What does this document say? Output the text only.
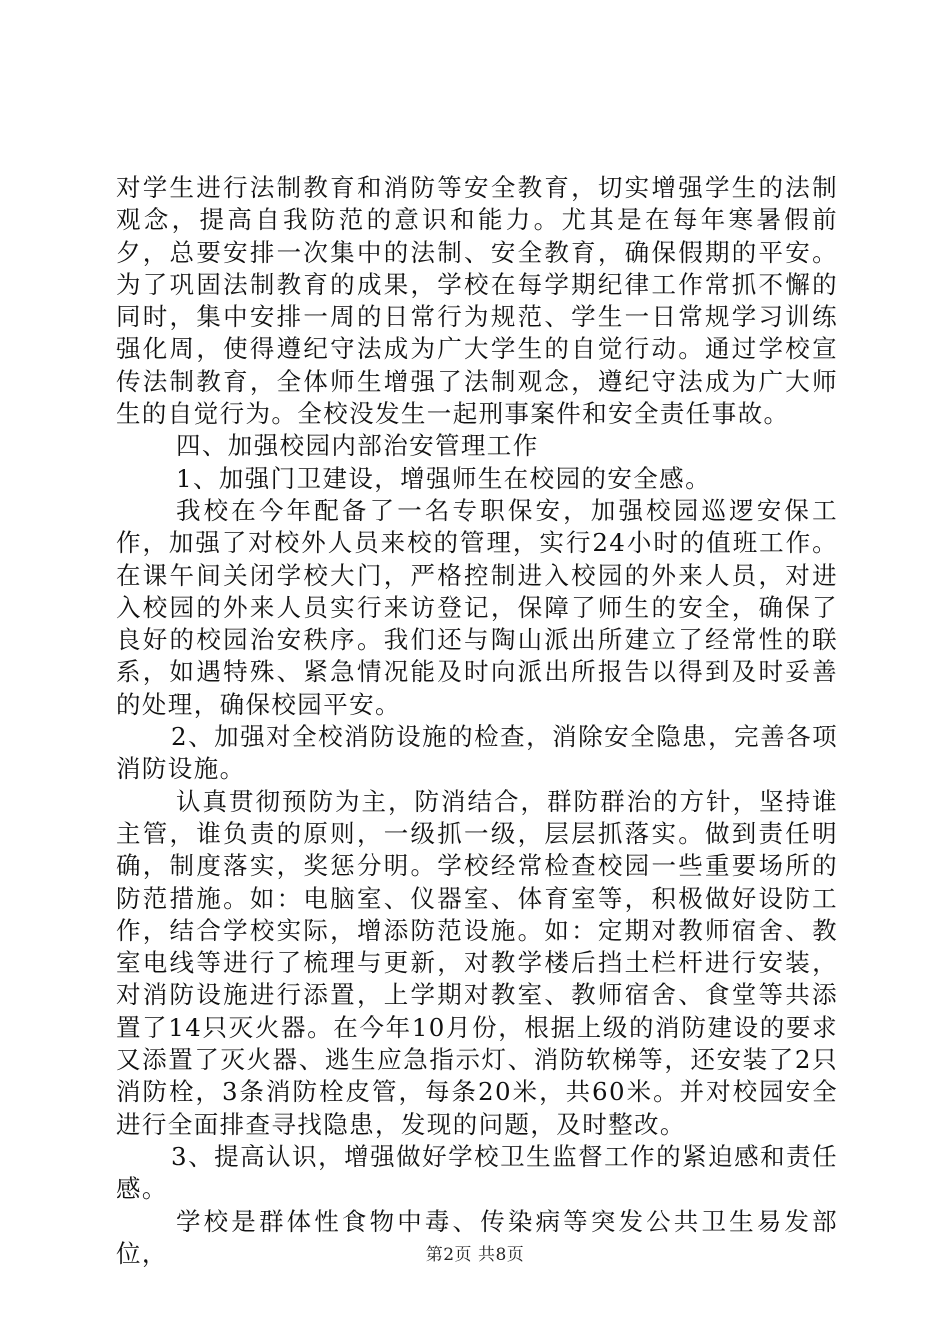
对学生进行法制教育和消防等安全教育，切实增强学生的法制观念，提高自我防范的意识和能力。尤其是在每年寒暑假前夕，总要安排一次集中的法制、安全教育，确保假期的平安。为了巩固法制教育的成果，学校在每学期纪律工作常抓不懈的同时，集中安排一周的日常行为规范、学生一日常规学习训练强化周，使得遵纪守法成为广大学生的自觉行动。通过学校宣传法制教育，全体师生增强了法制观念，遵纪守法成为广大师生的自觉行为。全校没发生一起刑事案件和安全责任事故。

四、加强校园内部治安管理工作

1、加强门卫建设，增强师生在校园的安全感。

我校在今年配备了一名专职保安，加强校园巡逻安保工作，加强了对校外人员来校的管理，实行24小时的值班工作。在课午间关闭学校大门，严格控制进入校园的外来人员，对进入校园的外来人员实行来访登记，保障了师生的安全，确保了良好的校园治安秩序。我们还与陶山派出所建立了经常性的联系，如遇特殊、紧急情况能及时向派出所报告以得到及时妥善的处理，确保校园平安。

2、加强对全校消防设施的检查，消除安全隐患，完善各项消防设施。

认真贯彻预防为主，防消结合，群防群治的方针，坚持谁主管，谁负责的原则，一级抓一级，层层抓落实。做到责任明确，制度落实，奖惩分明。学校经常检查校园一些重要场所的防范措施。如：电脑室、仪器室、体育室等，积极做好设防工作，结合学校实际，增添防范设施。如：定期对教师宿舍、教室电线等进行了梳理与更新，对教学楼后挡土栏杆进行安装，对消防设施进行添置，上学期对教室、教师宿舍、食堂等共添置了14只灭火器。在今年10月份，根据上级的消防建设的要求又添置了灭火器、逃生应急指示灯、消防软梯等，还安装了2只消防栓，3条消防栓皮管，每条20米，共60米。并对校园安全进行全面排查寻找隐患，发现的问题，及时整改。

3、提高认识，增强做好学校卫生监督工作的紧迫感和责任感。

学校是群体性食物中毒、传染病等突发公共卫生易发部位，	第2页 共8页
